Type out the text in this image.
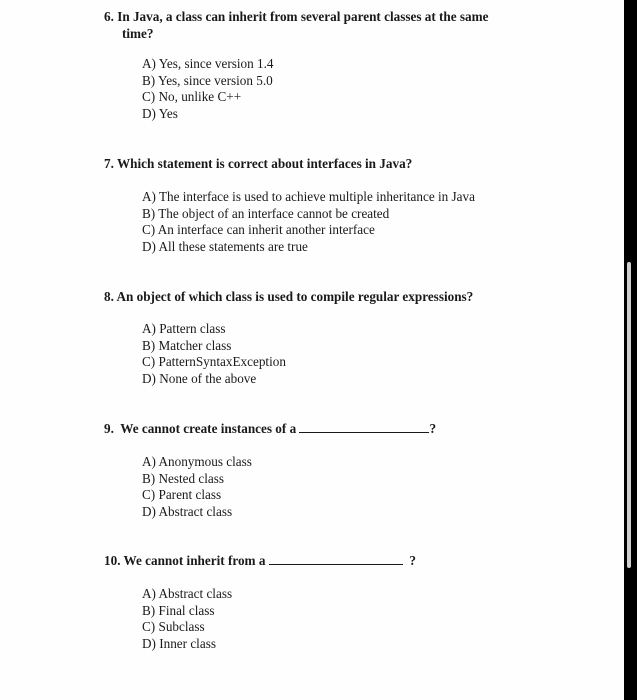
6. In Java, a class can inherit from several parent classes at the same
time?

A) Yes, since version 1.4
B) Yes, since version 5.0
C) No, unlike C++
D) Yes

7. Which statement is correct about interfaces in Java?

A) The interface is used to achieve multiple inheritance in Java
B) The object of an interface cannot be created
C) An interface can inherit another interface
D) All these statements are true

8. An object of which class is used to compile regular expressions?

A) Pattern class
B) Matcher class
C) PatternSyntaxException
D) None of the above

9. We cannot create instances of a	?

A) Anonymous class
B) Nested class
C) Parent class
D) Abstract class

10. We cannot inherit from a	?

A) Abstract class
B) Final class
C) Subclass
D) Inner class
